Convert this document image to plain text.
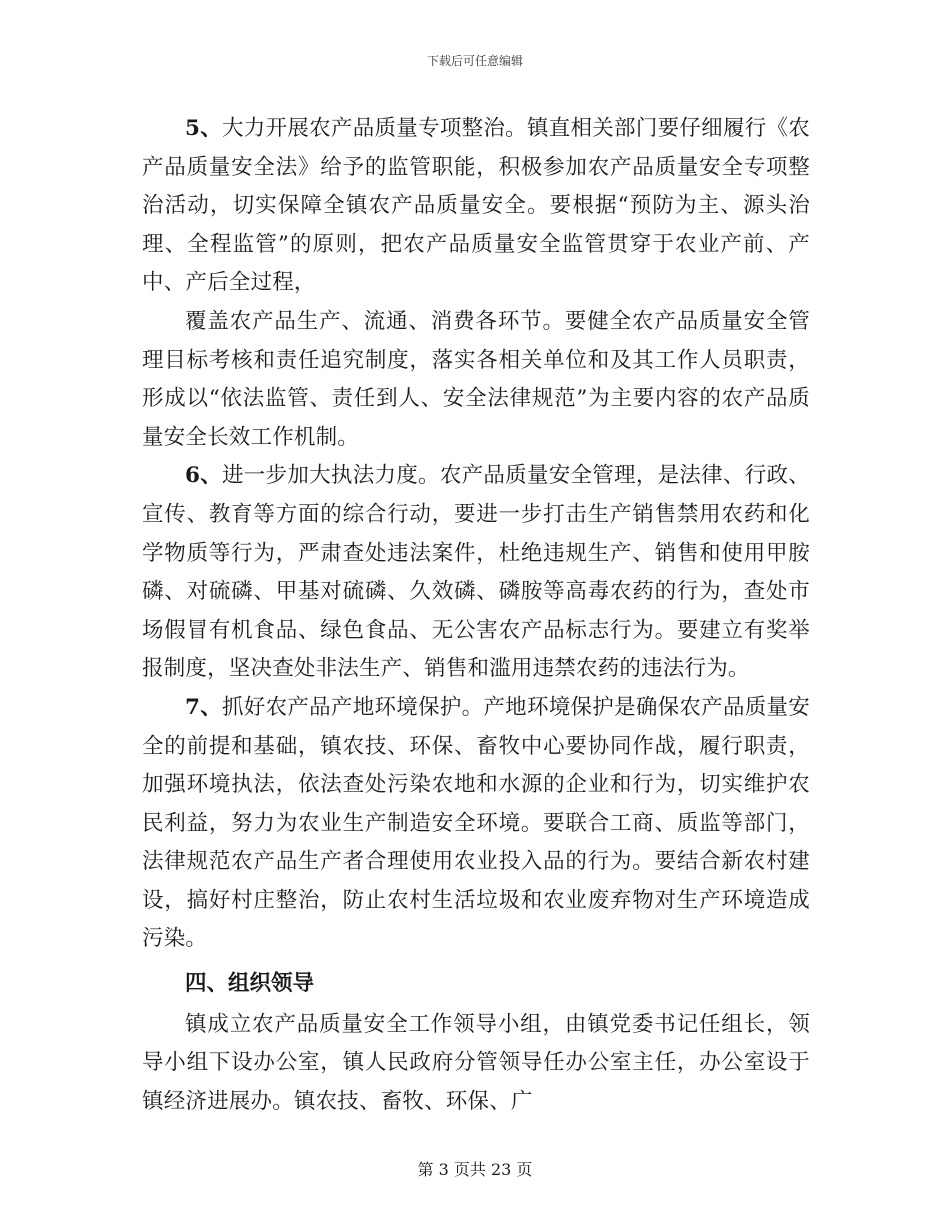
下载后可任意编辑

5、大力开展农产品质量专项整治。镇直相关部门要仔细履行《农产品质量安全法》给予的监管职能，积极参加农产品质量安全专项整治活动，切实保障全镇农产品质量安全。要根据“预防为主、源头治理、全程监管”的原则，把农产品质量安全监管贯穿于农业产前、产中、产后全过程，

覆盖农产品生产、流通、消费各环节。要健全农产品质量安全管理目标考核和责任追究制度，落实各相关单位和及其工作人员职责，形成以“依法监管、责任到人、安全法律规范”为主要内容的农产品质量安全长效工作机制。

6、进一步加大执法力度。农产品质量安全管理，是法律、行政、宣传、教育等方面的综合行动，要进一步打击生产销售禁用农药和化学物质等行为，严肃查处违法案件，杜绝违规生产、销售和使用甲胺磷、对硫磷、甲基对硫磷、久效磷、磷胺等高毒农药的行为，查处市场假冒有机食品、绿色食品、无公害农产品标志行为。要建立有奖举报制度，坚决查处非法生产、销售和滥用违禁农药的违法行为。

7、抓好农产品产地环境保护。产地环境保护是确保农产品质量安全的前提和基础，镇农技、环保、畜牧中心要协同作战，履行职责，加强环境执法，依法查处污染农地和水源的企业和行为，切实维护农民利益，努力为农业生产制造安全环境。要联合工商、质监等部门，法律规范农产品生产者合理使用农业投入品的行为。要结合新农村建设，搞好村庄整治，防止农村生活垃圾和农业废弃物对生产环境造成污染。

四、组织领导

镇成立农产品质量安全工作领导小组，由镇党委书记任组长，领导小组下设办公室，镇人民政府分管领导任办公室主任，办公室设于镇经济进展办。镇农技、畜牧、环保、广

第 3 页共 23 页
